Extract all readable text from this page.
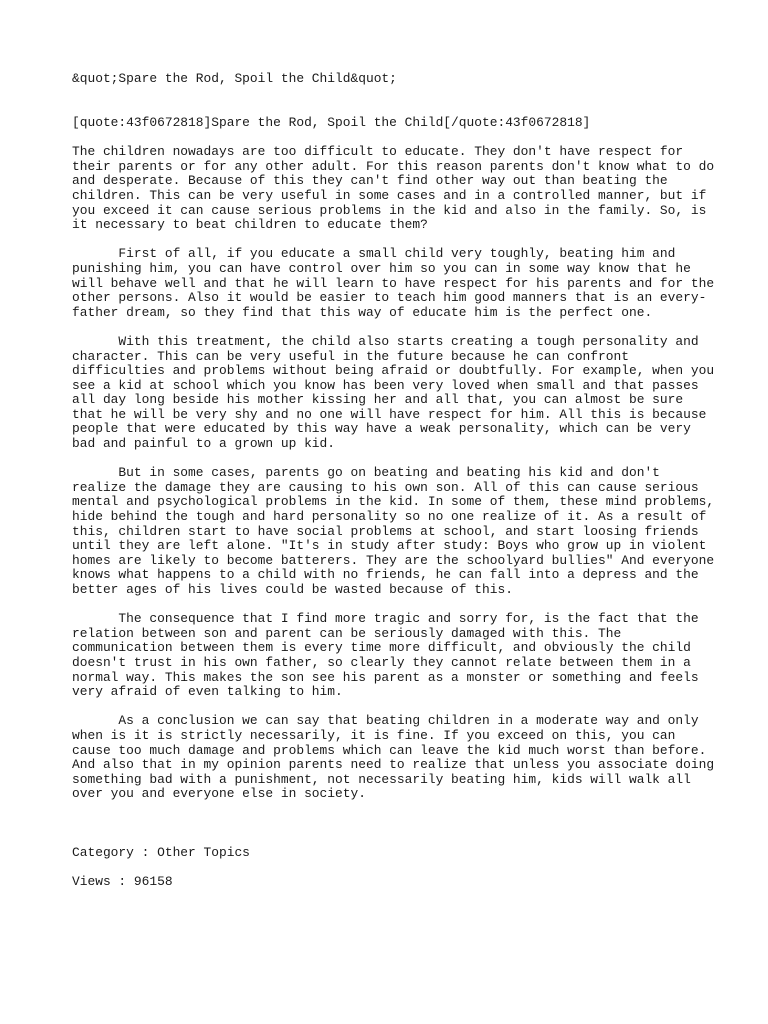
&quot;Spare the Rod, Spoil the Child&quot;

[quote:43f0672818]Spare the Rod, Spoil the Child[/quote:43f0672818]

The children nowadays are too difficult to educate. They don't have respect for

their parents or for any other adult. For this reason parents don't know what to do

and desperate. Because of this they can't find other way out than beating the

children. This can be very useful in some cases and in a controlled manner, but if

you exceed it can cause serious problems in the kid and also in the family. So, is

it necessary to beat children to educate them?

First of all, if you educate a small child very toughly, beating him and

punishing him, you can have control over him so you can in some way know that he

will behave well and that he will learn to have respect for his parents and for the

other persons. Also it would be easier to teach him good manners that is an every-

father dream, so they find that this way of educate him is the perfect one.

With this treatment, the child also starts creating a tough personality and

character. This can be very useful in the future because he can confront

difficulties and problems without being afraid or doubtfully. For example, when you

see a kid at school which you know has been very loved when small and that passes

all day long beside his mother kissing her and all that, you can almost be sure

that he will be very shy and no one will have respect for him. All this is because

people that were educated by this way have a weak personality, which can be very

bad and painful to a grown up kid.

But in some cases, parents go on beating and beating his kid and don't

realize the damage they are causing to his own son. All of this can cause serious

mental and psychological problems in the kid. In some of them, these mind problems,

hide behind the tough and hard personality so no one realize of it. As a result of

this, children start to have social problems at school, and start loosing friends

until they are left alone. "It's in study after study: Boys who grow up in violent

homes are likely to become batterers. They are the schoolyard bullies" And everyone

knows what happens to a child with no friends, he can fall into a depress and the

better ages of his lives could be wasted because of this.

The consequence that I find more tragic and sorry for, is the fact that the

relation between son and parent can be seriously damaged with this. The

communication between them is every time more difficult, and obviously the child

doesn't trust in his own father, so clearly they cannot relate between them in a

normal way. This makes the son see his parent as a monster or something and feels

very afraid of even talking to him.

As a conclusion we can say that beating children in a moderate way and only

when is it is strictly necessarily, it is fine. If you exceed on this, you can

cause too much damage and problems which can leave the kid much worst than before.

And also that in my opinion parents need to realize that unless you associate doing

something bad with a punishment, not necessarily beating him, kids will walk all

over you and everyone else in society.

Category : Other Topics

Views : 96158
